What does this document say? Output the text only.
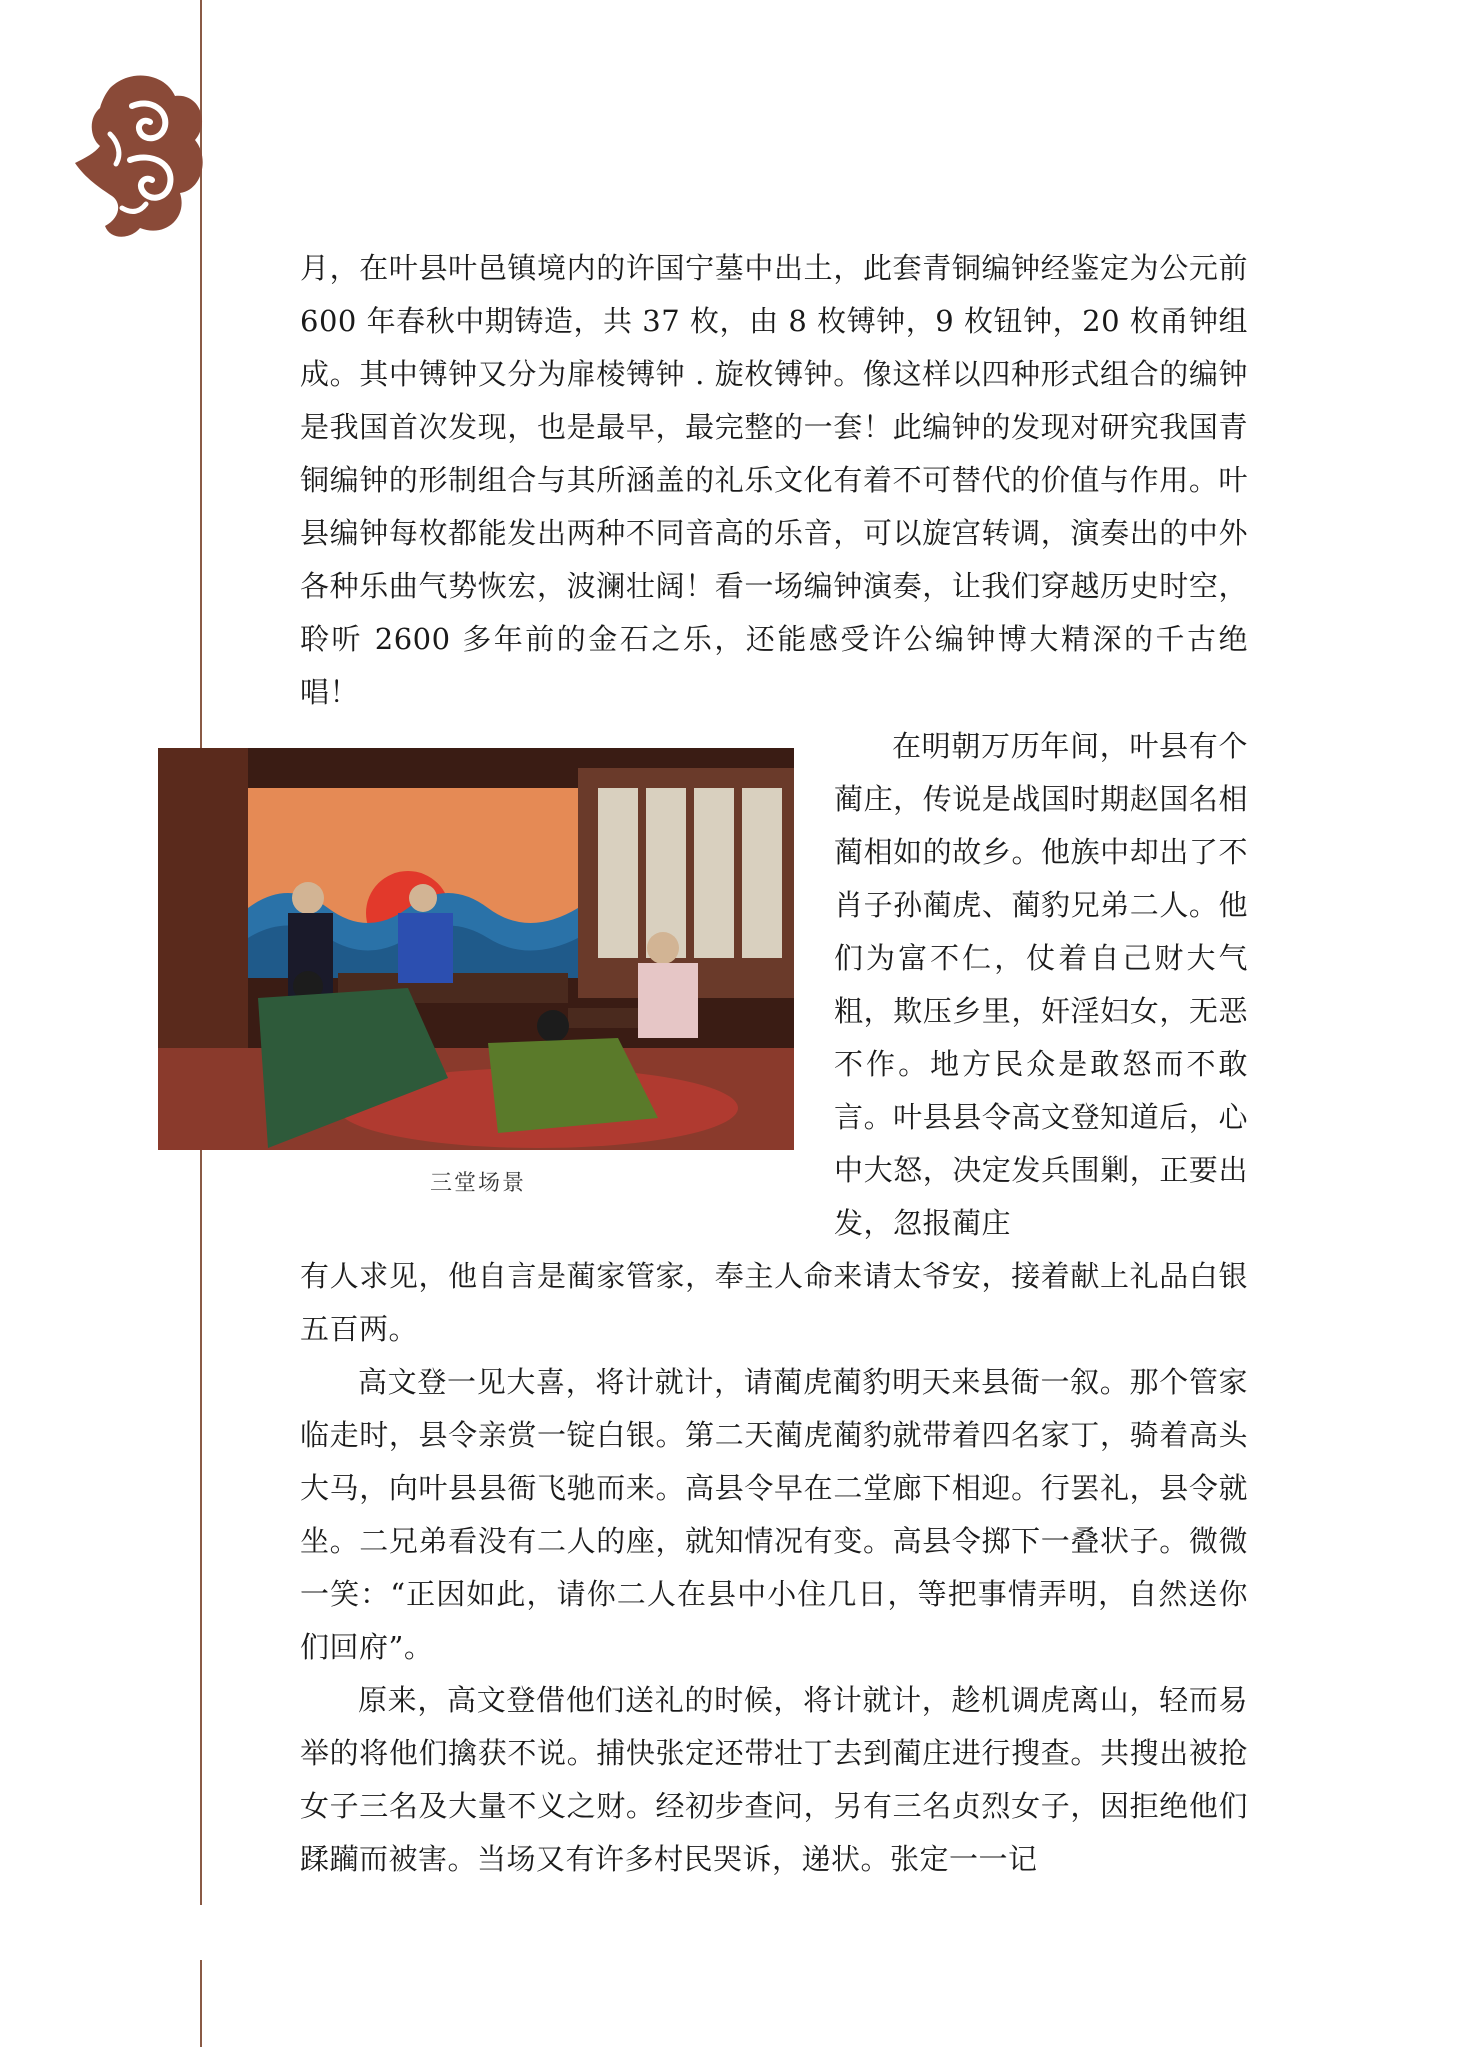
月，在叶县叶邑镇境内的许国宁墓中出土，此套青铜编钟经鉴定为公元前 600 年春秋中期铸造，共 37 枚，由 8 枚镈钟，9 枚钮钟，20 枚甬钟组成。其中镈钟又分为扉棱镈钟 . 旋枚镈钟。像这样以四种形式组合的编钟是我国首次发现，也是最早，最完整的一套！此编钟的发现对研究我国青铜编钟的形制组合与其所涵盖的礼乐文化有着不可替代的价值与作用。叶县编钟每枚都能发出两种不同音高的乐音，可以旋宫转调，演奏出的中外各种乐曲气势恢宏，波澜壮阔！看一场编钟演奏，让我们穿越历史时空，聆听 2600 多年前的金石之乐，还能感受许公编钟博大精深的千古绝唱！

三堂场景

在明朝万历年间，叶县有个蔺庄，传说是战国时期赵国名相蔺相如的故乡。他族中却出了不肖子孙蔺虎、蔺豹兄弟二人。他们为富不仁，仗着自己财大气粗，欺压乡里，奸淫妇女，无恶不作。地方民众是敢怒而不敢言。叶县县令高文登知道后，心中大怒，决定发兵围剿，正要出发，忽报蔺庄

有人求见，他自言是蔺家管家，奉主人命来请太爷安，接着献上礼品白银五百两。

高文登一见大喜，将计就计，请蔺虎蔺豹明天来县衙一叙。那个管家临走时，县令亲赏一锭白银。第二天蔺虎蔺豹就带着四名家丁，骑着高头大马，向叶县县衙飞驰而来。高县令早在二堂廊下相迎。行罢礼，县令就坐。二兄弟看没有二人的座，就知情况有变。高县令掷下一叠状子。微微一笑：“正因如此，请你二人在县中小住几日，等把事情弄明，自然送你们回府”。

原来，高文登借他们送礼的时候，将计就计，趁机调虎离山，轻而易举的将他们擒获不说。捕快张定还带壮丁去到蔺庄进行搜查。共搜出被抢女子三名及大量不义之财。经初步查问，另有三名贞烈女子，因拒绝他们蹂躏而被害。当场又有许多村民哭诉，递状。张定一一记
